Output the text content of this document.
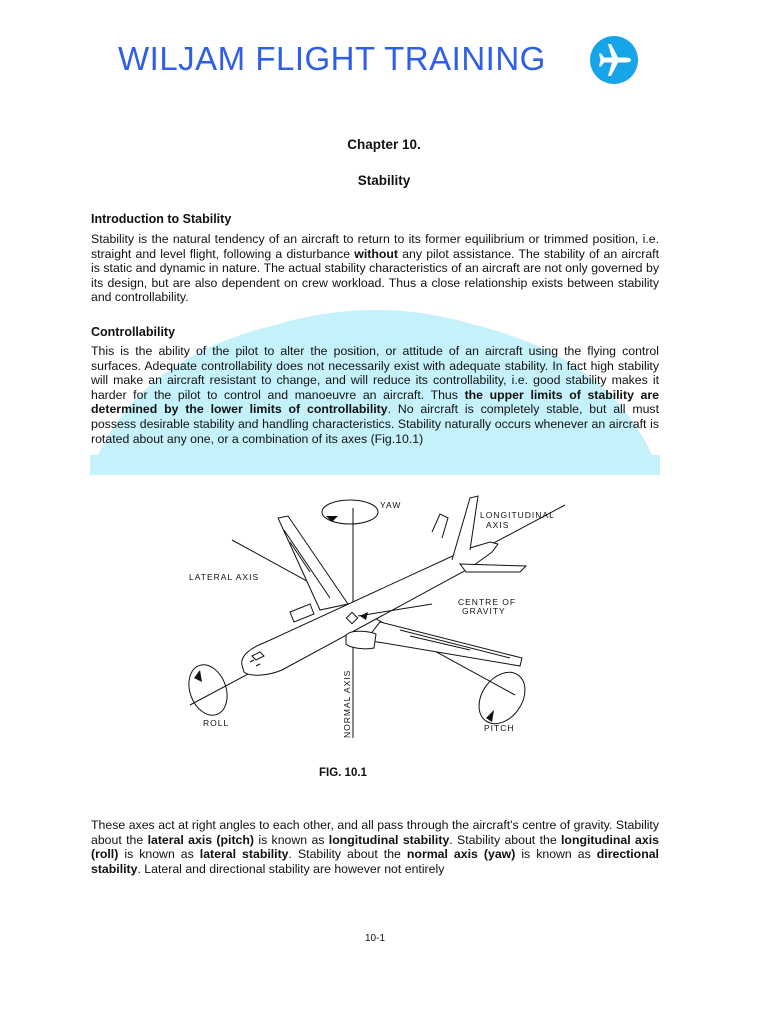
WILJAM FLIGHT TRAINING
Chapter 10.
Stability
Introduction to Stability
Stability is the natural tendency of an aircraft to return to its former equilibrium or trimmed position, i.e. straight and level flight, following a disturbance without any pilot assistance. The stability of an aircraft is static and dynamic in nature. The actual stability characteristics of an aircraft are not only governed by its design, but are also dependent on crew workload. Thus a close relationship exists between stability and controllability.
Controllability
This is the ability of the pilot to alter the position, or attitude of an aircraft using the flying control surfaces. Adequate controllability does not necessarily exist with adequate stability. In fact high stability will make an aircraft resistant to change, and will reduce its controllability, i.e. good stability makes it harder for the pilot to control and manoeuvre an aircraft. Thus the upper limits of stability are determined by the lower limits of controllability. No aircraft is completely stable, but all must possess desirable stability and handling characteristics. Stability naturally occurs whenever an aircraft is rotated about any one, or a combination of its axes (Fig.10.1)
YAW
LONGITUDINAL
AXIS
LATERAL AXIS
CENTRE OF
GRAVITY
ROLL	PITCH
NORMAL AXIS
FIG. 10.1
These axes act at right angles to each other, and all pass through the aircraft's centre of gravity. Stability about the lateral axis (pitch) is known as longitudinal stability. Stability about the longitudinal axis (roll) is known as lateral stability. Stability about the normal axis (yaw) is known as directional stability. Lateral and directional stability are however not entirely
10-1
